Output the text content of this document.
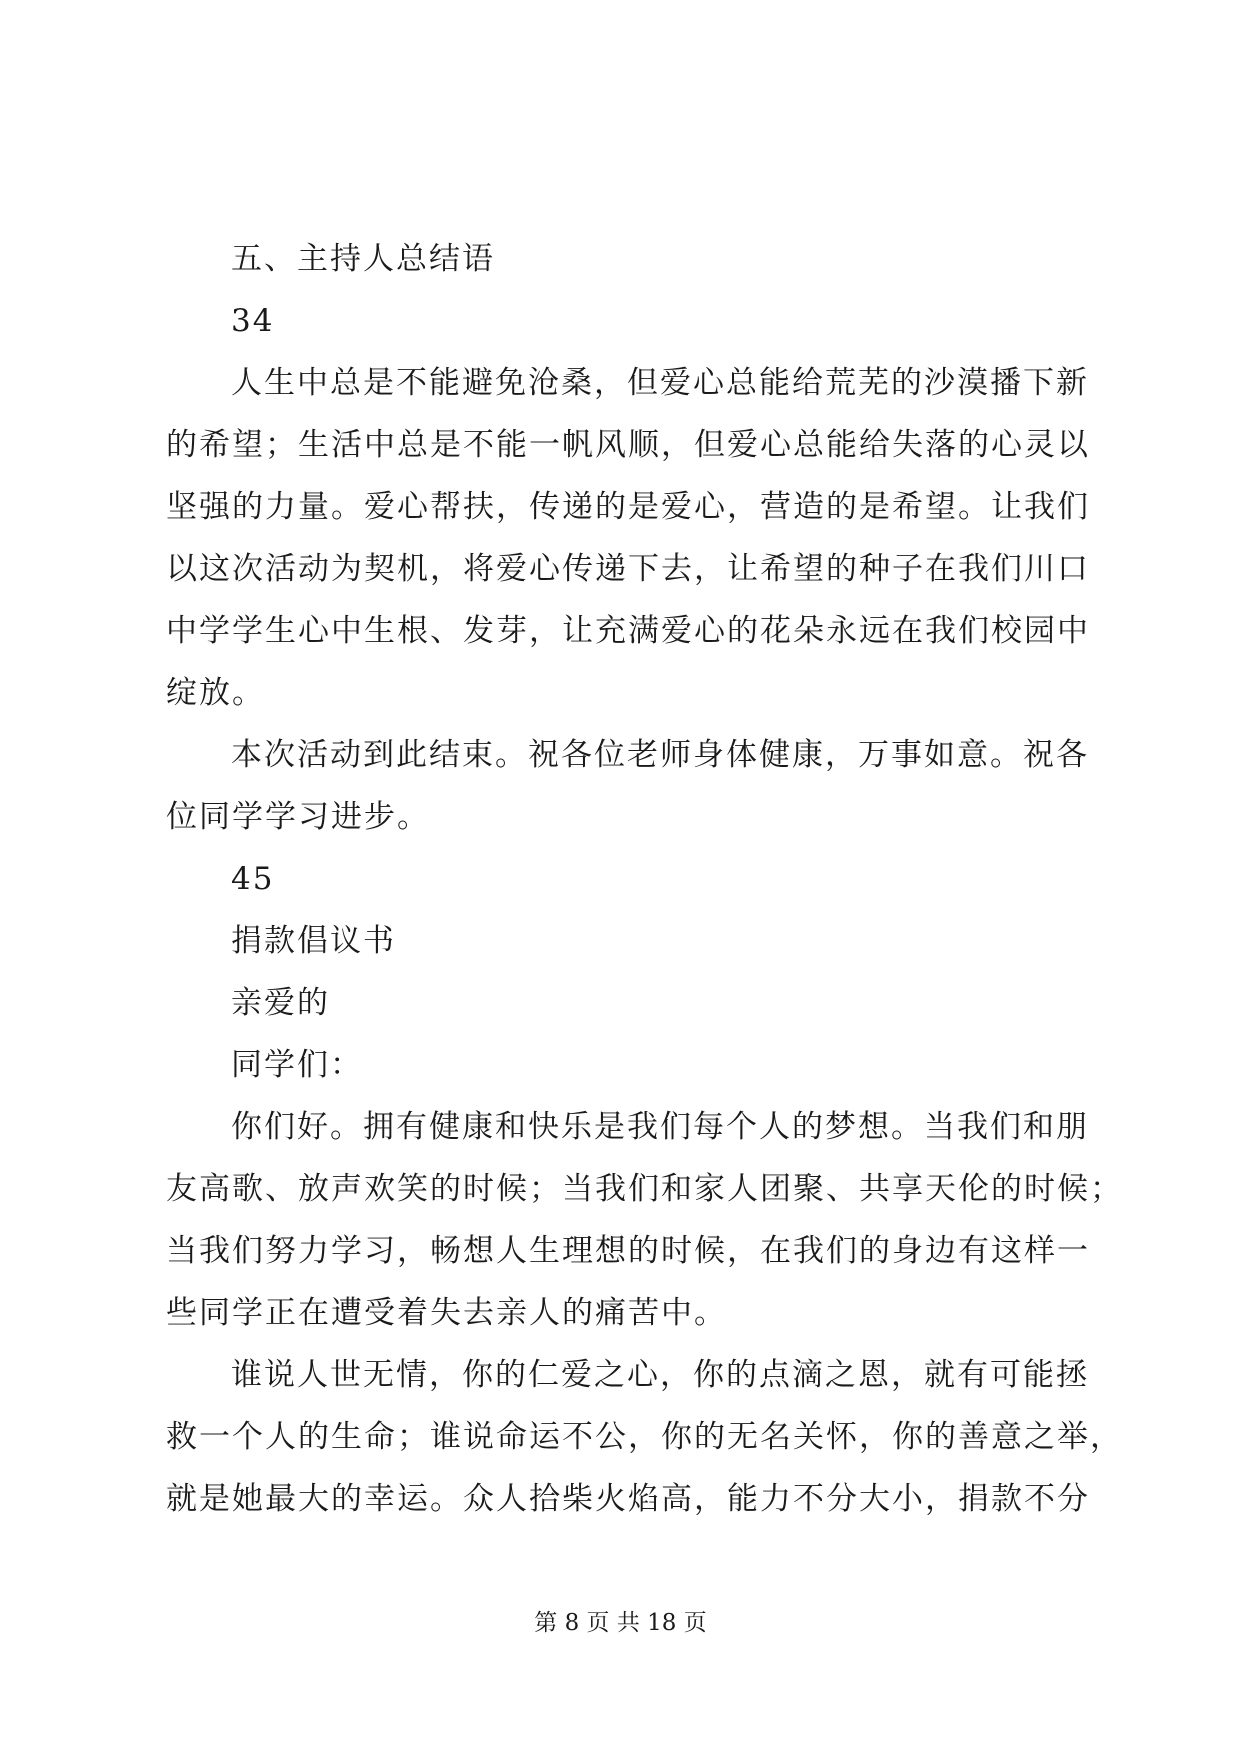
五、主持人总结语
34
人生中总是不能避免沧桑，但爱心总能给荒芜的沙漠播下新
的希望；生活中总是不能一帆风顺，但爱心总能给失落的心灵以
坚强的力量。爱心帮扶，传递的是爱心，营造的是希望。让我们
以这次活动为契机，将爱心传递下去，让希望的种子在我们川口
中学学生心中生根、发芽，让充满爱心的花朵永远在我们校园中
绽放。
本次活动到此结束。祝各位老师身体健康，万事如意。祝各
位同学学习进步。
45
捐款倡议书
亲爱的
同学们：
你们好。拥有健康和快乐是我们每个人的梦想。当我们和朋
友高歌、放声欢笑的时候；当我们和家人团聚、共享天伦的时候；
当我们努力学习，畅想人生理想的时候，在我们的身边有这样一
些同学正在遭受着失去亲人的痛苦中。
谁说人世无情，你的仁爱之心，你的点滴之恩，就有可能拯
救一个人的生命；谁说命运不公，你的无名关怀，你的善意之举，
就是她最大的幸运。众人拾柴火焰高，能力不分大小，捐款不分
第 8 页 共 18 页
